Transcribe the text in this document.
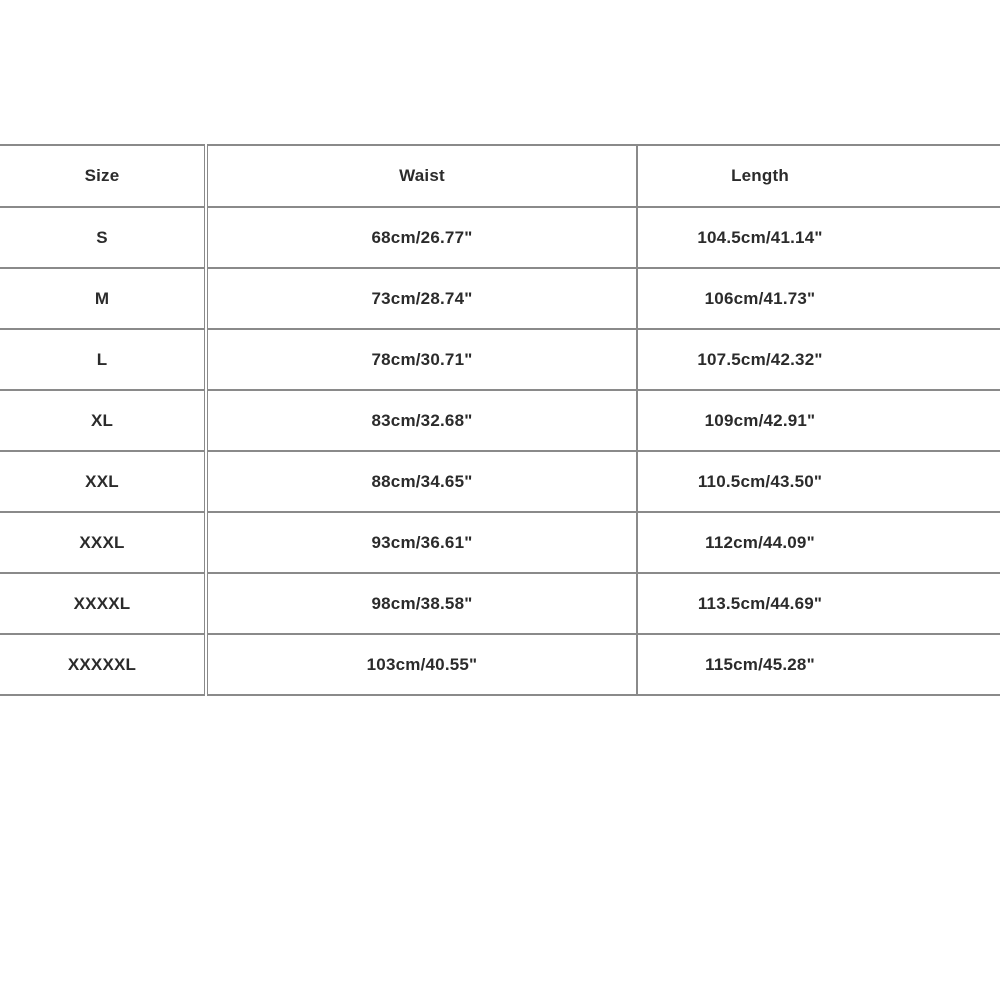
Size	Waist	Length
S	68cm/26.77"	104.5cm/41.14"
M	73cm/28.74"	106cm/41.73"
L	78cm/30.71"	107.5cm/42.32"
XL	83cm/32.68"	109cm/42.91"
XXL	88cm/34.65"	110.5cm/43.50"
XXXL	93cm/36.61"	112cm/44.09"
XXXXL	98cm/38.58"	113.5cm/44.69"
XXXXXL	103cm/40.55"	115cm/45.28"
